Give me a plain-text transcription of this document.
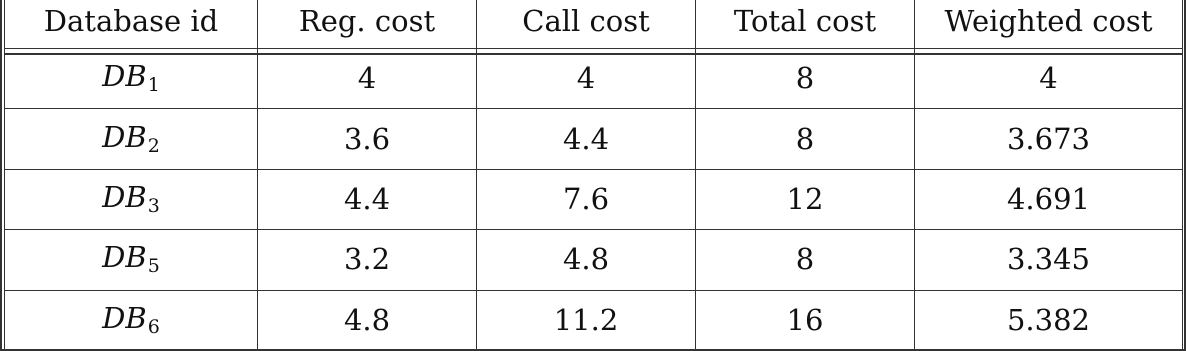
Database id	Reg. cost	Call cost	Total cost	Weighted cost
$DB_1$	4	4	8	4
$DB_2$	3.6	4.4	8	3.673
$DB_3$	4.4	7.6	12	4.691
$DB_5$	3.2	4.8	8	3.345
$DB_6$	4.8	11.2	16	5.382
